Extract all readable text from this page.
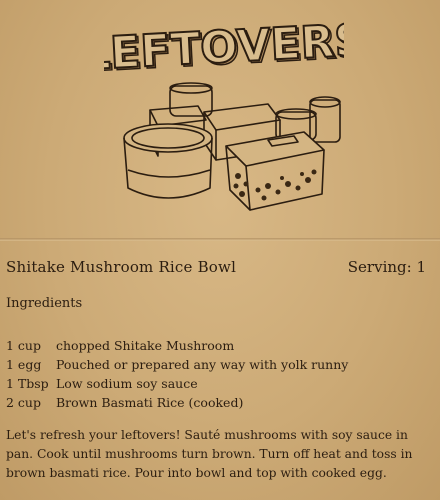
LEFTOVERS
LEFTOVERS
Shitake Mushroom Rice Bowl	Serving: 1
Ingredients
1 cup	chopped Shitake Mushroom
1 egg	Pouched or prepared any way with yolk runny
1 Tbsp Low sodium soy sauce
2 cup	Brown Basmati Rice (cooked)
Let's refresh your leftovers! Sauté mushrooms with soy sauce in pan. Cook until mushrooms turn brown. Turn off heat and toss in brown basmati rice. Pour into bowl and top with cooked egg.
